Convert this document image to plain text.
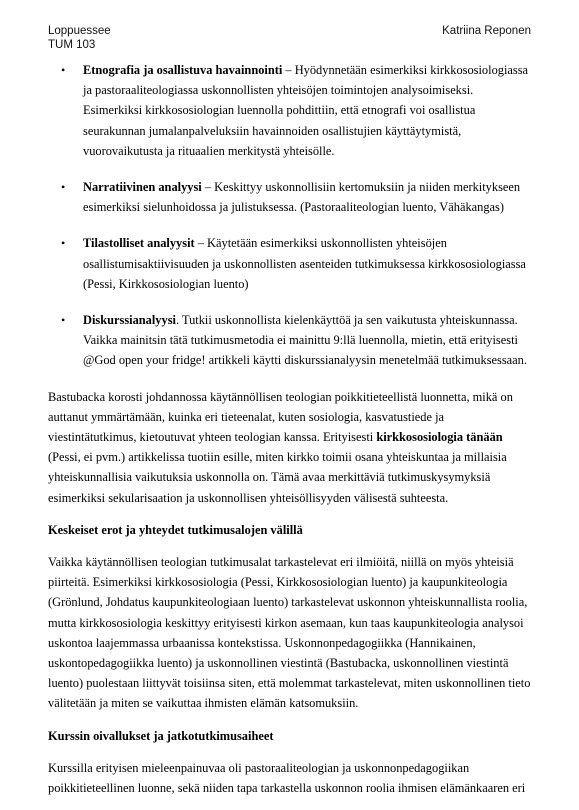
Loppuessee
TUM 103
Katriina Reponen
• Etnografia ja osallistuva havainnointi – Hyödynnetään esimerkiksi kirkkososiologiassa ja pastoraaliteologiassa uskonnollisten yhteisöjen toimintojen analysoimiseksi. Esimerkiksi kirkkososiologian luennolla pohdittiin, että etnografi voi osallistua seurakunnan jumalanpalveluksiin havainnoiden osallistujien käyttäytymistä, vuorovaikutusta ja rituaalien merkitystä yhteisölle.
• Narratiivinen analyysi – Keskittyy uskonnollisiin kertomuksiin ja niiden merkitykseen esimerkiksi sielunhoidossa ja julistuksessa. (Pastoraaliteologian luento, Vähäkangas)
• Tilastolliset analyysit – Käytetään esimerkiksi uskonnollisten yhteisöjen osallistumisaktiivisuuden ja uskonnollisten asenteiden tutkimuksessa kirkkososiologiassa (Pessi, Kirkkososiologian luento)
• Diskurssianalyysi. Tutkii uskonnollista kielenkäyttöä ja sen vaikutusta yhteiskunnassa. Vaikka mainitsin tätä tutkimusmetodia ei mainittu 9:llä luennolla, mietin, että erityisesti @God open your fridge! artikkeli käytti diskurssianalyysin menetelmää tutkimuksessaan.

Bastubacka korosti johdannossa käytännöllisen teologian poikkitieteellistä luonnetta, mikä on auttanut ymmärtämään, kuinka eri tieteenalat, kuten sosiologia, kasvatustiede ja viestintätutkimus, kietoutuvat yhteen teologian kanssa. Erityisesti kirkkososiologia tänään (Pessi, ei pvm.) artikkelissa tuotiin esille, miten kirkko toimii osana yhteiskuntaa ja millaisia yhteiskunnallisia vaikutuksia uskonnolla on. Tämä avaa merkittäviä tutkimuskysymyksiä esimerkiksi sekularisaation ja uskonnollisen yhteisöllisyyden välisestä suhteesta.

Keskeiset erot ja yhteydet tutkimusalojen välillä

Vaikka käytännöllisen teologian tutkimusalat tarkastelevat eri ilmiöitä, niillä on myös yhteisiä piirteitä. Esimerkiksi kirkkososiologia (Pessi, Kirkkososiologian luento) ja kaupunkiteologia (Grönlund, Johdatus kaupunkiteologiaan luento) tarkastelevat uskonnon yhteiskunnallista roolia, mutta kirkkososiologia keskittyy erityisesti kirkon asemaan, kun taas kaupunkiteologia analysoi uskontoa laajemmassa urbaanissa kontekstissa. Uskonnonpedagogiikka (Hannikainen, uskontopedagogiikka luento) ja uskonnollinen viestintä (Bastubacka, uskonnollinen viestintä luento) puolestaan liittyvät toisiinsa siten, että molemmat tarkastelevat, miten uskonnollinen tieto välitetään ja miten se vaikuttaa ihmisten elämän katsomuksiin.

Kurssin oivallukset ja jatkotutkimusaiheet

Kurssilla erityisen mieleenpainuvaa oli pastoraaliteologian ja uskonnonpedagogiikan poikkitieteellinen luonne, sekä niiden tapa tarkastella uskonnon roolia ihmisen elämänkaaren eri
